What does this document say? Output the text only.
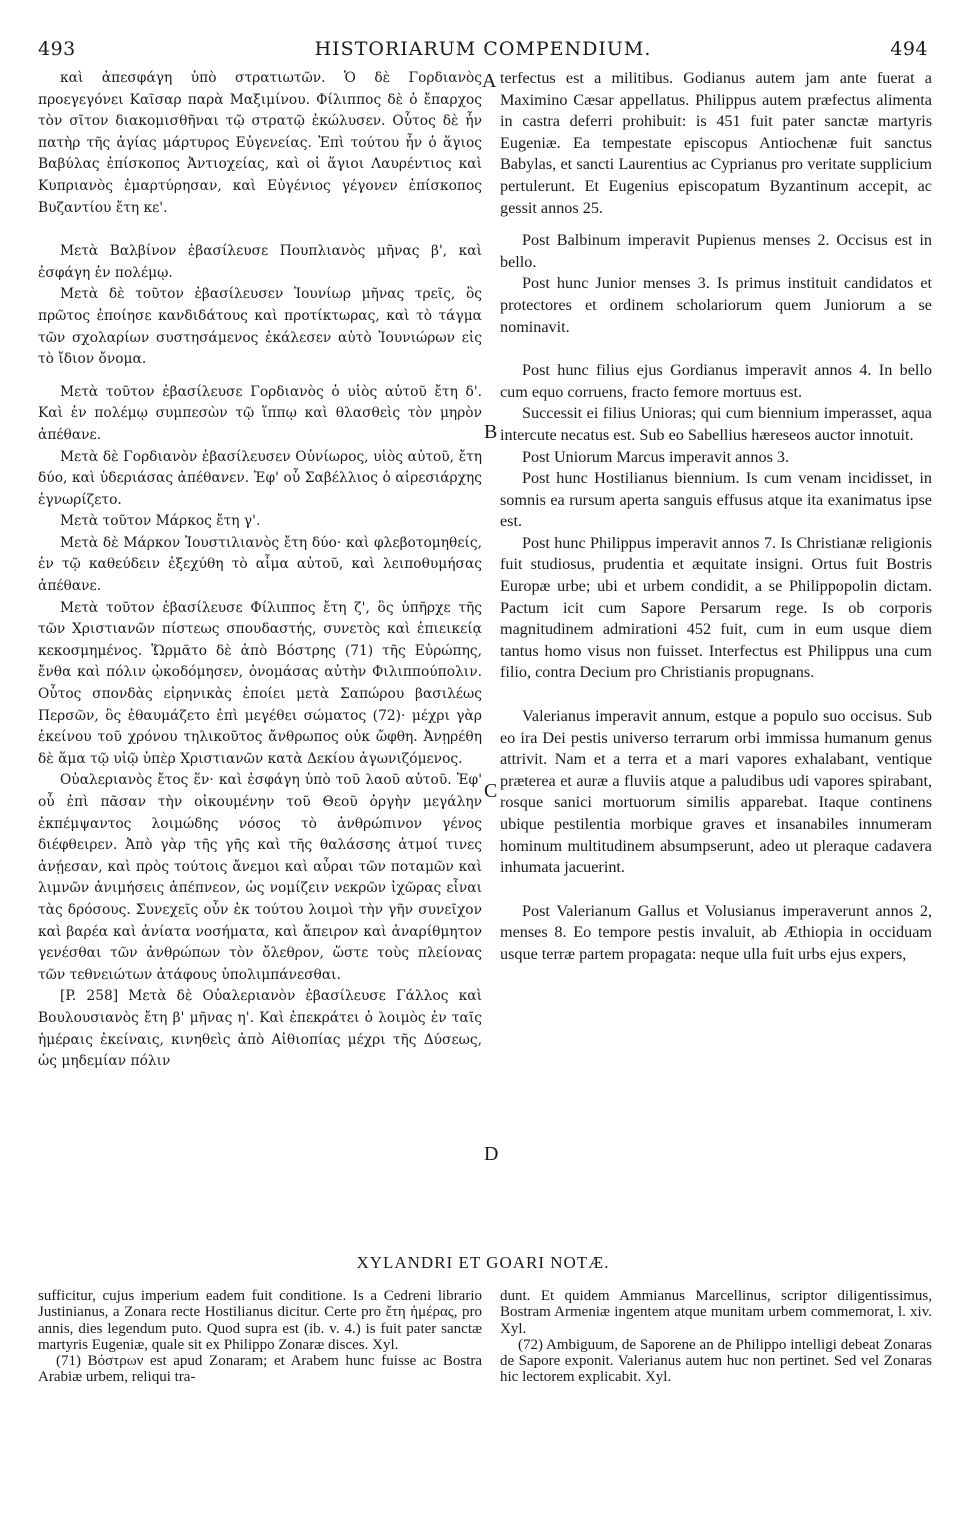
493	HISTORIARUM COMPENDIUM.	494

καὶ ἀπεσφάγη ὑπὸ στρατιωτῶν. Ὁ δὲ Γορδιανὸς προεγεγόνει Καῖσαρ παρὰ Μαξιμίνου. Φίλιππος δὲ ὁ ἔπαρχος τὸν σῖτον διακομισθῆναι τῷ στρατῷ ἐκώλυσεν. Οὗτος δὲ ἦν πατὴρ τῆς ἁγίας μάρτυρος Εὐγενείας. Ἐπὶ τούτου ἦν ὁ ἅγιος Βαβύλας ἐπίσκοπος Ἀντιοχείας, καὶ οἱ ἅγιοι Λαυρέντιος καὶ Κυπριανὸς ἐμαρτύρησαν, καὶ Εὐγένιος γέγονεν ἐπίσκοπος Βυζαντίου ἔτη κε'.

Μετὰ Βαλβίνον ἐβασίλευσε Πουπλιανὸς μῆνας β', καὶ ἐσφάγη ἐν πολέμῳ.

Μετὰ δὲ τοῦτον ἐβασίλευσεν Ἰουνίωρ μῆνας τρεῖς, ὃς πρῶτος ἐποίησε κανδιδάτους καὶ προτίκτωρας, καὶ τὸ τάγμα τῶν σχολαρίων συστησάμενος ἐκάλεσεν αὐτὸ Ἰουνιώρων εἰς τὸ ἴδιον ὄνομα.

Μετὰ τοῦτον ἐβασίλευσε Γορδιανὸς ὁ υἱὸς αὐτοῦ ἔτη δ'. Καὶ ἐν πολέμῳ συμπεσὼν τῷ ἵππῳ καὶ θλασθεὶς τὸν μηρὸν ἀπέθανε.

Μετὰ δὲ Γορδιανὸν ἐβασίλευσεν Οὐνίωρος, υἱὸς αὐτοῦ, ἔτη δύο, καὶ ὑδεριάσας ἀπέθανεν. Ἐφ' οὗ Σαβέλλιος ὁ αἱρεσιάρχης ἐγνωρίζετο.

Μετὰ τοῦτον Μάρκος ἔτη γ'.

Μετὰ δὲ Μάρκον Ἰουστιλιανὸς ἔτη δύο· καὶ φλεβοτομηθείς, ἐν τῷ καθεύδειν ἐξεχύθη τὸ αἷμα αὐτοῦ, καὶ λειποθυμήσας ἀπέθανε.

Μετὰ τοῦτον ἐβασίλευσε Φίλιππος ἔτη ζ', ὃς ὑπῆρχε τῆς τῶν Χριστιανῶν πίστεως σπουδαστής, συνετὸς καὶ ἐπιεικείᾳ κεκοσμημένος. Ὥρμᾶτο δὲ ἀπὸ Βόστρης (71) τῆς Εὐρώπης, ἔνθα καὶ πόλιν ᾠκοδόμησεν, ὀνομάσας αὐτὴν Φιλιππούπολιν. Οὗτος σπονδὰς εἰρηνικὰς ἐποίει μετὰ Σαπώρου βασιλέως Περσῶν, ὃς ἐθαυμάζετο ἐπὶ μεγέθει σώματος (72)· μέχρι γὰρ ἐκείνου τοῦ χρόνου τηλικοῦτος ἄνθρωπος οὐκ ὤφθη. Ἀνῃρέθη δὲ ἅμα τῷ υἱῷ ὑπὲρ Χριστιανῶν κατὰ Δεκίου ἀγωνιζόμενος.

Οὐαλεριανὸς ἔτος ἕν· καὶ ἐσφάγη ὑπὸ τοῦ λαοῦ αὐτοῦ. Ἐφ' οὗ ἐπὶ πᾶσαν τὴν οἰκουμένην τοῦ Θεοῦ ὀργὴν μεγάλην ἐκπέμψαντος λοιμώδης νόσος τὸ ἀνθρώπινον γένος διέφθειρεν. Ἀπὸ γὰρ τῆς γῆς καὶ τῆς θαλάσσης ἀτμοί τινες ἀνῄεσαν, καὶ πρὸς τούτοις ἄνεμοι καὶ αὖραι τῶν ποταμῶν καὶ λιμνῶν ἀνιμήσεις ἀπέπνεον, ὡς νομίζειν νεκρῶν ἰχῶρας εἶναι τὰς δρόσους. Συνεχεῖς οὖν ἐκ τούτου λοιμοὶ τὴν γῆν συνεῖχον καὶ βαρέα καὶ ἀνίατα νοσήματα, καὶ ἄπειρον καὶ ἀναρίθμητον γενέσθαι τῶν ἀνθρώπων τὸν ὄλεθρον, ὥστε τοὺς πλείονας τῶν τεθνειώτων ἀτάφους ὑπολιμπάνεσθαι.

[P. 258] Μετὰ δὲ Οὐαλεριανὸν ἐβασίλευσε Γάλλος καὶ Βουλουσιανὸς ἔτη β' μῆνας η'. Καὶ ἐπεκράτει ὁ λοιμὸς ἐν ταῖς ἡμέραις ἐκείναις, κινηθεὶς ἀπὸ Αἰθιοπίας μέχρι τῆς Δύσεως, ὡς μηδεμίαν πόλιν

terfectus est a militibus. Godianus autem jam ante fuerat a Maximino Cæsar appellatus. Philippus autem præfectus alimenta in castra deferri prohibuit: is 451 fuit pater sanctæ martyris Eugeniæ. Ea tempestate episcopus Antiochenæ fuit sanctus Babylas, et sancti Laurentius ac Cyprianus pro veritate supplicium pertulerunt. Et Eugenius episcopatum Byzantinum accepit, ac gessit annos 25.

Post Balbinum imperavit Pupienus menses 2. Occisus est in bello.

Post hunc Junior menses 3. Is primus instituit candidatos et protectores et ordinem scholariorum quem Juniorum a se nominavit.

Post hunc filius ejus Gordianus imperavit annos 4. In bello cum equo corruens, fracto femore mortuus est.

Successit ei filius Unioras; qui cum biennium imperasset, aqua intercute necatus est. Sub eo Sabellius hæreseos auctor innotuit.

Post Uniorum Marcus imperavit annos 3.

Post hunc Hostilianus biennium. Is cum venam incidisset, in somnis ea rursum aperta sanguis effusus atque ita exanimatus ipse est.

Post hunc Philippus imperavit annos 7. Is Christianæ religionis fuit studiosus, prudentia et æquitate insigni. Ortus fuit Bostris Europæ urbe; ubi et urbem condidit, a se Philippopolin dictam. Pactum icit cum Sapore Persarum rege. Is ob corporis magnitudinem admirationi 452 fuit, cum in eum usque diem tantus homo visus non fuisset. Interfectus est Philippus una cum filio, contra Decium pro Christianis propugnans.

Valerianus imperavit annum, estque a populo suo occisus. Sub eo ira Dei pestis universo terrarum orbi immissa humanum genus attrivit. Nam et a terra et a mari vapores exhalabant, ventique præterea et auræ a fluviis atque a paludibus udi vapores spirabant, rosque sanici mortuorum similis apparebat. Itaque continens ubique pestilentia morbique graves et insanabiles innumeram hominum multitudinem absumpserunt, adeo ut pleraque cadavera inhumata jacuerint.

Post Valerianum Gallus et Volusianus imperaverunt annos 2, menses 8. Eo tempore pestis invaluit, ab Æthiopia in occiduam usque terræ partem propagata: neque ulla fuit urbs ejus expers,

A
B
C
D
XYLANDRI ET GOARI NOTÆ.

sufficitur, cujus imperium eadem fuit conditione. Is a Cedreni librario Justinianus, a Zonara recte Hostilianus dicitur. Certe pro ἔτη ἡμέρας, pro annis, dies legendum puto. Quod supra est (ib. v. 4.) is fuit pater sanctæ martyris Eugeniæ, quale sit ex Philippo Zonaræ disces. Xyl.

(71) Βόστρων est apud Zonaram; et Arabem hunc fuisse ac Bostra Arabiæ urbem, reliqui tra-

dunt. Et quidem Ammianus Marcellinus, scriptor diligentissimus, Bostram Armeniæ ingentem atque munitam urbem commemorat, l. xiv. Xyl.

(72) Ambiguum, de Saporene an de Philippo intelligi debeat Zonaras de Sapore exponit. Valerianus autem huc non pertinet. Sed vel Zonaras hic lectorem explicabit. Xyl.
